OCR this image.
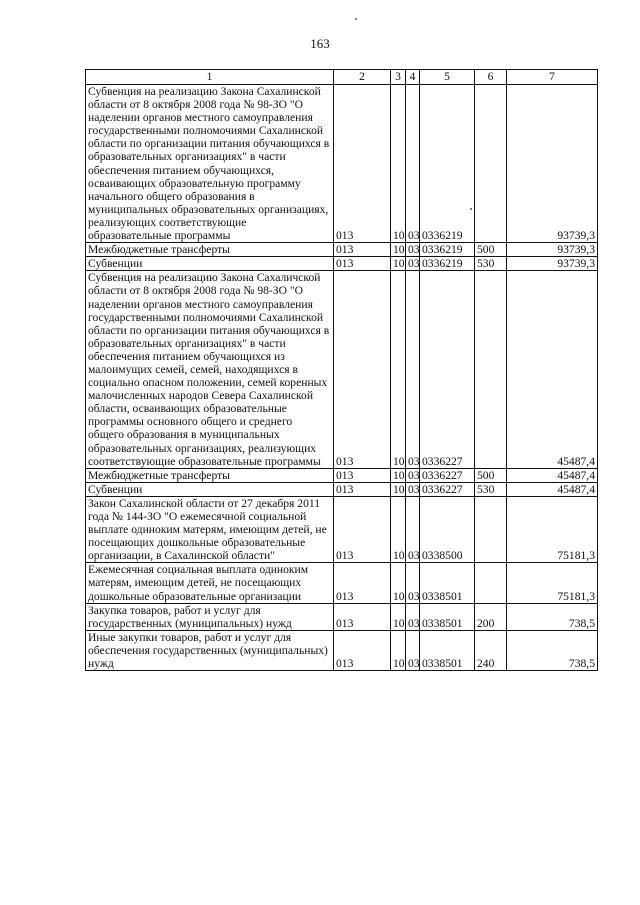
163
1	2	3	4	5	6	7
Субвенция на реализацию Закона Сахалинской области от 8 октября 2008 года № 98-ЗО "О наделении органов местного самоуправления государственными полномочиями Сахалинской области по организации питания обучающихся в образовательных организациях" в части обеспечения питанием обучающихся, осваивающих образовательную программу начального общего образования в муниципальных образовательных организациях, реализующих соответствующие образовательные программы	013	10	03	0336219		93739,3
Межбюджетные трансферты	013	10	03	0336219	500	93739,3
Субвенции	013	10	03	0336219	530	93739,3
Субвенция на реализацию Закона Сахаличской области от 8 октября 2008 года № 98-ЗО "О наделении органов местного самоуправления государственными полномочиями Сахалинской области по организации питания обучающихся в образовательных организациях" в части обеспечения питанием обучающихся из малоимущих семей, семей, находящихся в социально опасном положении, семей коренных малочисленных народов Севера Сахалинской области, осваивающих образовательные программы основного общего и среднего общего образования в муниципальных образовательных организациях, реализующих соответствующие образовательные программы	013	10	03	0336227		45487,4
Межбюджетные трансферты	013	10	03	0336227	500	45487,4
Субвенции	013	10	03	0336227	530	45487,4
Закон Сахалинской области от 27 декабря 2011 года № 144-ЗО "О ежемесячной социальной выплате одиноким матерям, имеющим детей, не посещающих дошкольные образовательные организации, в Сахалинской области"	013	10	03	0338500		75181,3
Ежемесячная социальная выплата одиноким матерям, имеющим детей, не посещающих дошкольные образовательные организации	013	10	03	0338501		75181,3
Закупка товаров, работ и услуг для государственных (муниципальных) нужд	013	10	03	0338501	200	738,5
Иные закупки товаров, работ и услуг для обеспечения государственных (муниципальных) нужд	013	10	03	0338501	240	738,5
